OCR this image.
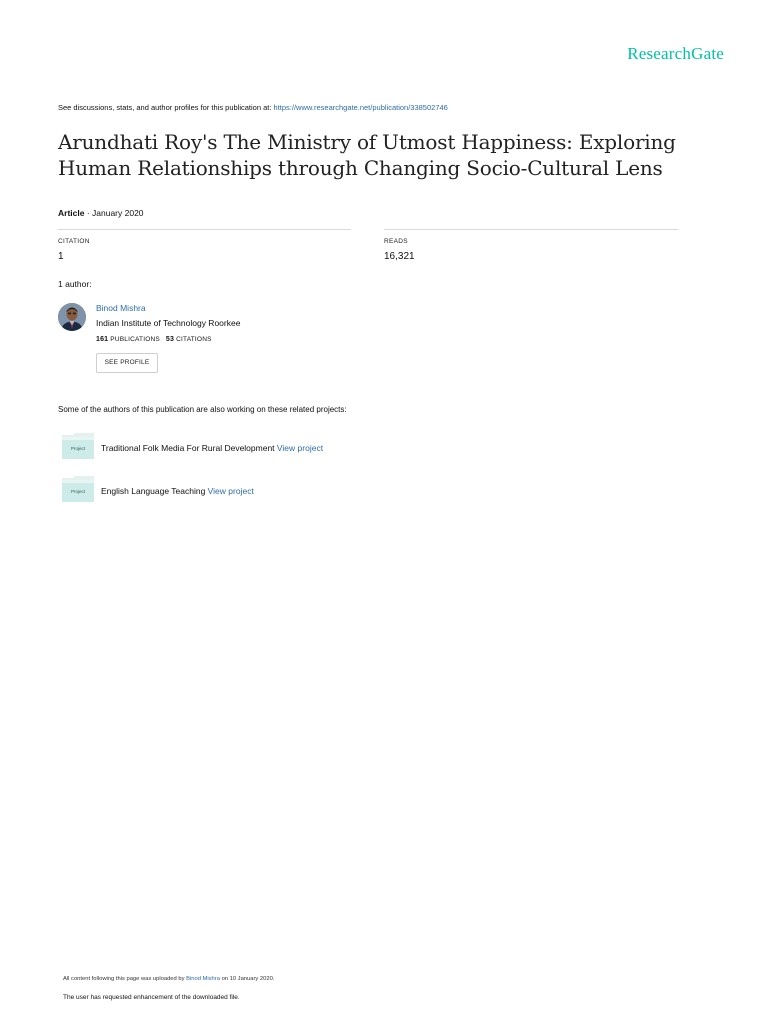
ResearchGate
See discussions, stats, and author profiles for this publication at: https://www.researchgate.net/publication/338502746
Arundhati Roy's The Ministry of Utmost Happiness: Exploring
Human Relationships through Changing Socio-Cultural Lens
Article · January 2020
CITATION
1
READS
16,321
1 author:
Binod Mishra
Indian Institute of Technology Roorkee
161 PUBLICATIONS 53 CITATIONS
SEE PROFILE
Some of the authors of this publication are also working on these related projects:
Project	Traditional Folk Media For Rural Development View project
Project	English Language Teaching View project
All content following this page was uploaded by Binod Mishra on 10 January 2020.
The user has requested enhancement of the downloaded file.
